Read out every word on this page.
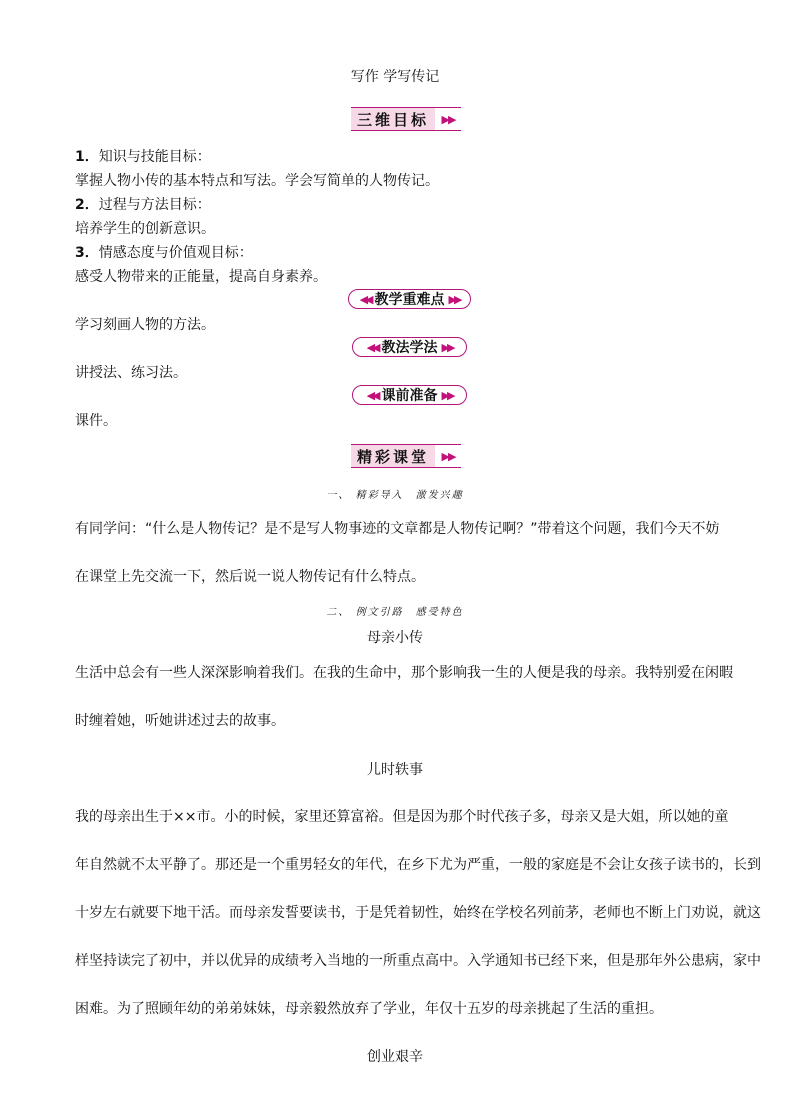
写作 学写传记
三维目标	▶▶
1．知识与技能目标：
掌握人物小传的基本特点和写法。学会写简单的人物传记。
2．过程与方法目标：
培养学生的创新意识。
3．情感态度与价值观目标：
感受人物带来的正能量，提高自身素养。
◀◀ 教学重难点 ▶▶
学习刻画人物的方法。
◀◀ 教法学法 ▶▶
讲授法、练习法。
◀◀ 课前准备 ▶▶
课件。
精彩课堂	▶▶
一、 精彩导入　激发兴趣
有同学问：“什么是人物传记？是不是写人物事迹的文章都是人物传记啊？”带着这个问题，我们今天不妨
在课堂上先交流一下，然后说一说人物传记有什么特点。
二、 例文引路　感受特色
母亲小传
生活中总会有一些人深深影响着我们。在我的生命中，那个影响我一生的人便是我的母亲。我特别爱在闲暇
时缠着她，听她讲述过去的故事。
儿时轶事
我的母亲出生于××市。小的时候，家里还算富裕。但是因为那个时代孩子多，母亲又是大姐，所以她的童
年自然就不太平静了。那还是一个重男轻女的年代，在乡下尤为严重，一般的家庭是不会让女孩子读书的，长到
十岁左右就要下地干活。而母亲发誓要读书，于是凭着韧性，始终在学校名列前茅，老师也不断上门劝说，就这
样坚持读完了初中，并以优异的成绩考入当地的一所重点高中。入学通知书已经下来，但是那年外公患病，家中
困难。为了照顾年幼的弟弟妹妹，母亲毅然放弃了学业，年仅十五岁的母亲挑起了生活的重担。
创业艰辛
